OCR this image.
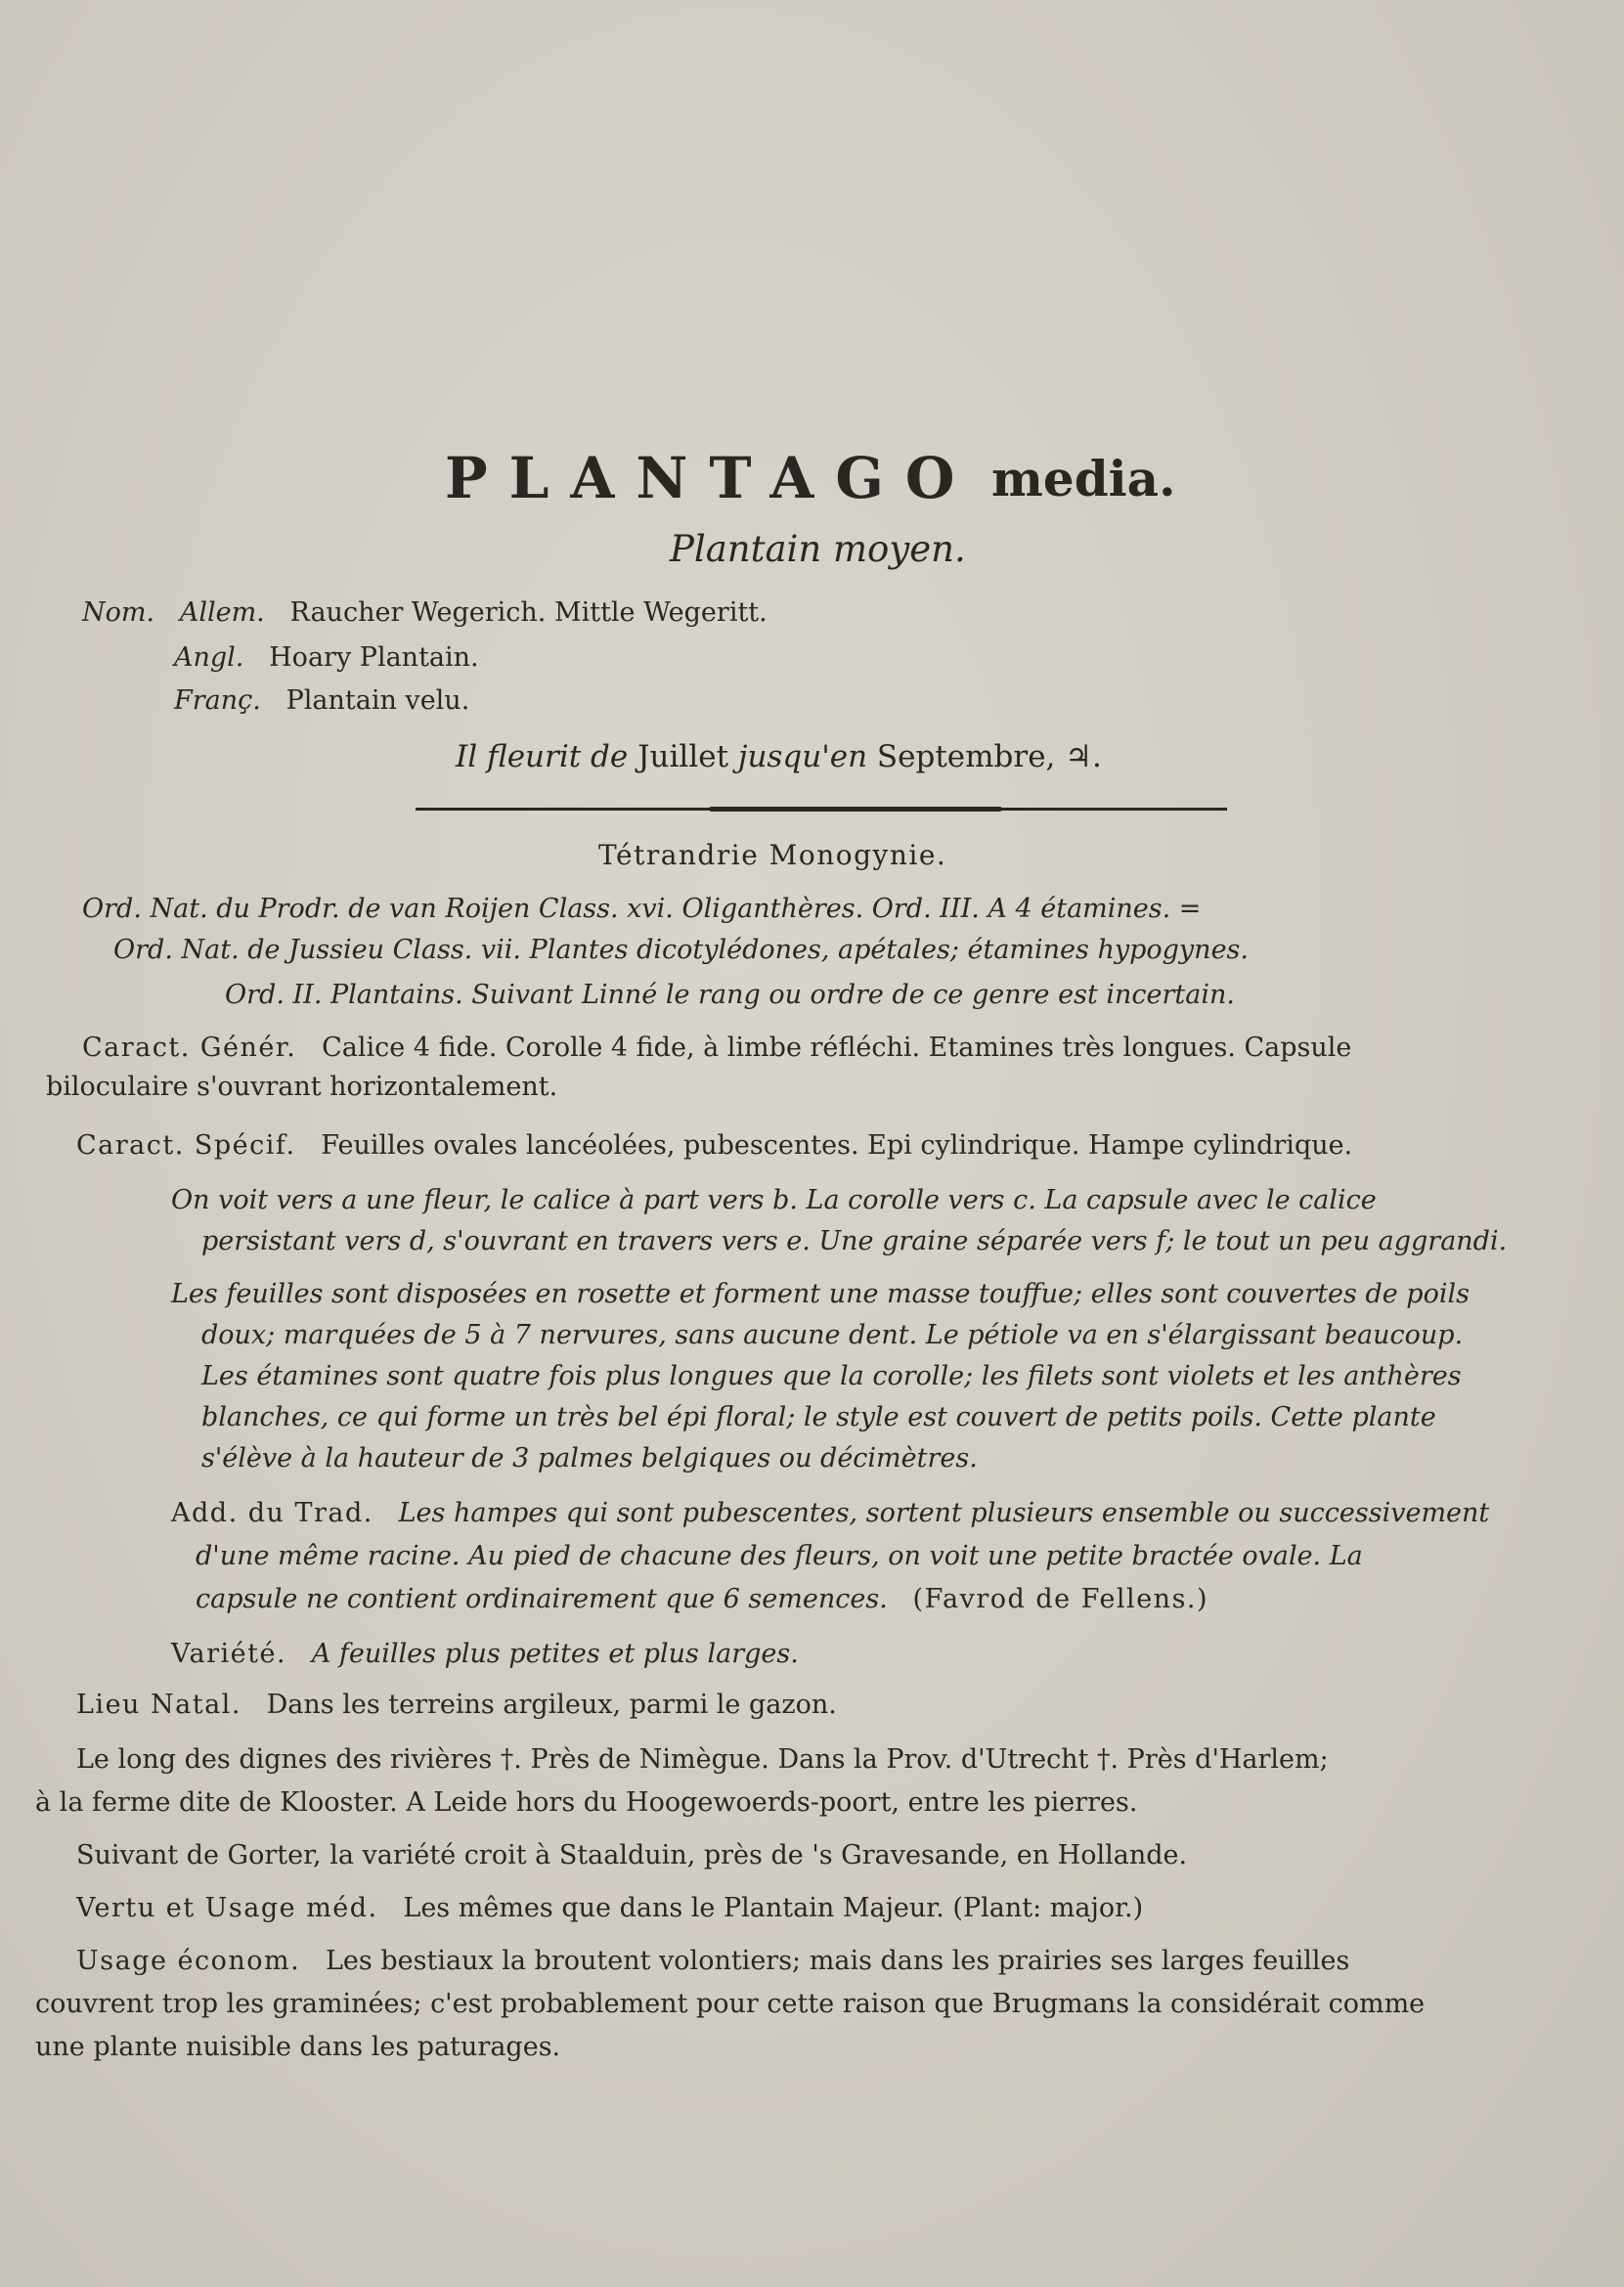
PLANTAGO media.
Plantain moyen.
Nom. Allem. Raucher Wegerich. Mittle Wegeritt.
Angl. Hoary Plantain.
Franç. Plantain velu.
Il fleurit de Juillet jusqu'en Septembre, ♃.
Tétrandrie Monogynie.
Ord. Nat. du Prodr. de van Roijen Class. xvi. Oliganthères. Ord. III. A 4 étamines. =
Ord. Nat. de Jussieu Class. vii. Plantes dicotylédones, apétales; étamines hypogynes.
Ord. II. Plantains. Suivant Linné le rang ou ordre de ce genre est incertain.
Caract. Génér. Calice 4 fide. Corolle 4 fide, à limbe réfléchi. Etamines très longues. Capsule
biloculaire s'ouvrant horizontalement.
Caract. Spécif. Feuilles ovales lancéolées, pubescentes. Epi cylindrique. Hampe cylindrique.
On voit vers a une fleur, le calice à part vers b. La corolle vers c. La capsule avec le calice
persistant vers d, s'ouvrant en travers vers e. Une graine séparée vers f; le tout un peu aggrandi.
Les feuilles sont disposées en rosette et forment une masse touffue; elles sont couvertes de poils
doux; marquées de 5 à 7 nervures, sans aucune dent. Le pétiole va en s'élargissant beaucoup.
Les étamines sont quatre fois plus longues que la corolle; les filets sont violets et les anthères
blanches, ce qui forme un très bel épi floral; le style est couvert de petits poils. Cette plante
s'élève à la hauteur de 3 palmes belgiques ou décimètres.
Add. du Trad. Les hampes qui sont pubescentes, sortent plusieurs ensemble ou successivement
d'une même racine. Au pied de chacune des fleurs, on voit une petite bractée ovale. La
capsule ne contient ordinairement que 6 semences. (Favrod de Fellens.)
Variété. A feuilles plus petites et plus larges.
Lieu Natal. Dans les terreins argileux, parmi le gazon.
Le long des dignes des rivières †. Près de Nimègue. Dans la Prov. d'Utrecht †. Près d'Harlem;
à la ferme dite de Klooster. A Leide hors du Hoogewoerds-poort, entre les pierres.
Suivant de Gorter, la variété croit à Staalduin, près de 's Gravesande, en Hollande.
Vertu et Usage méd. Les mêmes que dans le Plantain Majeur. (Plant: major.)
Usage économ. Les bestiaux la broutent volontiers; mais dans les prairies ses larges feuilles
couvrent trop les graminées; c'est probablement pour cette raison que Brugmans la considérait comme
une plante nuisible dans les paturages.
